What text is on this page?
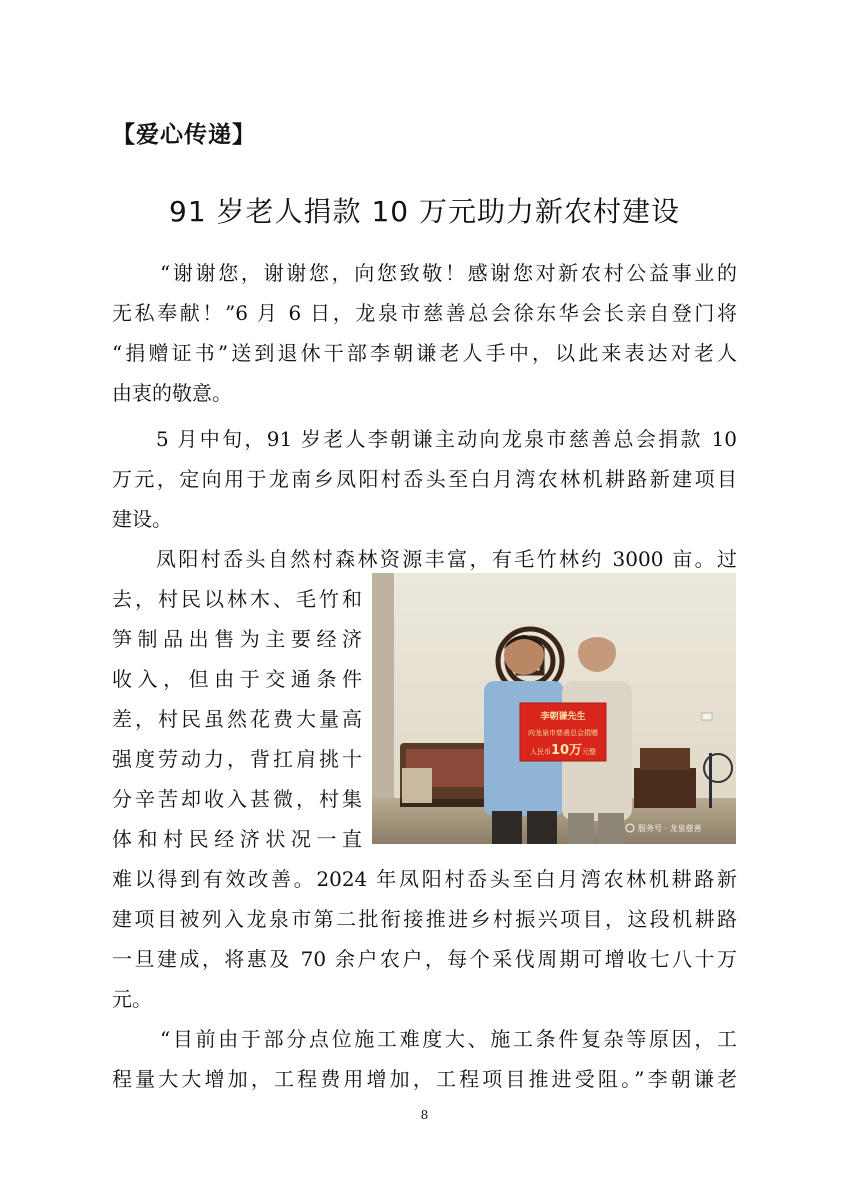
【爱心传递】
91 岁老人捐款 10 万元助力新农村建设
“谢谢您，谢谢您，向您致敬！感谢您对新农村公益事业的
无私奉献！”6 月 6 日，龙泉市慈善总会徐东华会长亲自登门将
“捐赠证书”送到退休干部李朝谦老人手中，以此来表达对老人
由衷的敬意。
5 月中旬，91 岁老人李朝谦主动向龙泉市慈善总会捐款 10
万元，定向用于龙南乡凤阳村岙头至白月湾农林机耕路新建项目
建设。
凤阳村岙头自然村森林资源丰富，有毛竹林约 3000 亩。过
去，村民以林木、毛竹和
笋制品出售为主要经济
收入，但由于交通条件
差，村民虽然花费大量高
强度劳动力，背扛肩挑十
分辛苦却收入甚微，村集
体和村民经济状况一直
难以得到有效改善。2024 年凤阳村岙头至白月湾农林机耕路新
建项目被列入龙泉市第二批衔接推进乡村振兴项目，这段机耕路
一旦建成，将惠及 70 余户农户，每个采伐周期可增收七八十万
元。
“目前由于部分点位施工难度大、施工条件复杂等原因，工
程量大大增加，工程费用增加，工程项目推进受阻。”李朝谦老
李朝谦先生
向龙泉市慈善总会捐赠
人民币10万元整
服务号 · 龙泉慈善
8
